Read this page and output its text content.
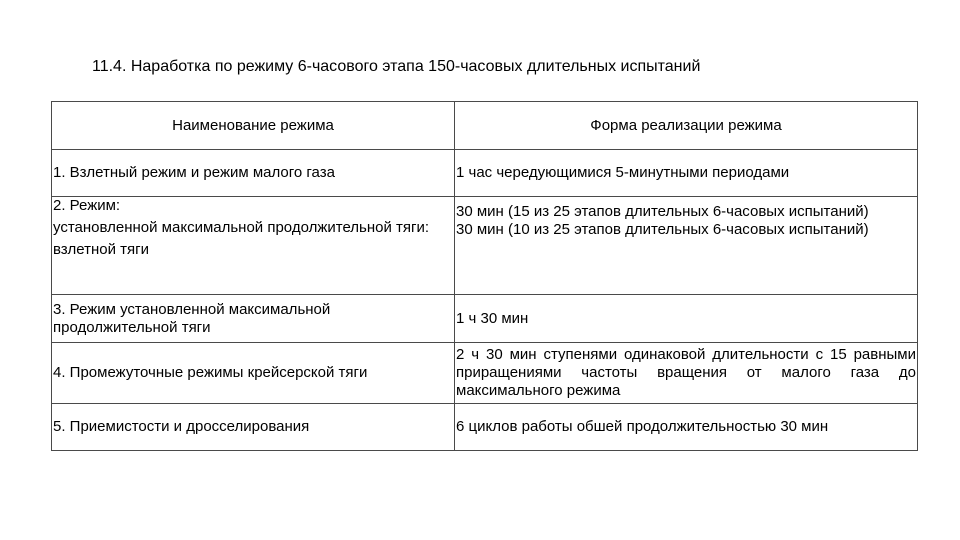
11.4. Наработка по режиму 6-часового этапа 150-часовых длительных испытаний
Наименование режима	Форма реализации режима
1. Взлетный режим и режим малого газа	1 час чередующимися 5-минутными периодами

2. Режим:
установленной максимальной продолжительной тяги:
взлетной тяги	30 мин (15 из 25 этапов длительных 6-часовых испытаний)
30 мин (10 из 25 этапов длительных 6-часовых испытаний)

3. Режим установленной максимальной продолжительной тяги	1 ч 30 мин
4. Промежуточные режимы крейсерской тяги	2 ч 30 мин ступенями одинаковой длительности с 15 равными приращениями частоты вращения от малого газа до максимального режима
5. Приемистости и дросселирования	6 циклов работы обшей продолжительностью 30 мин
